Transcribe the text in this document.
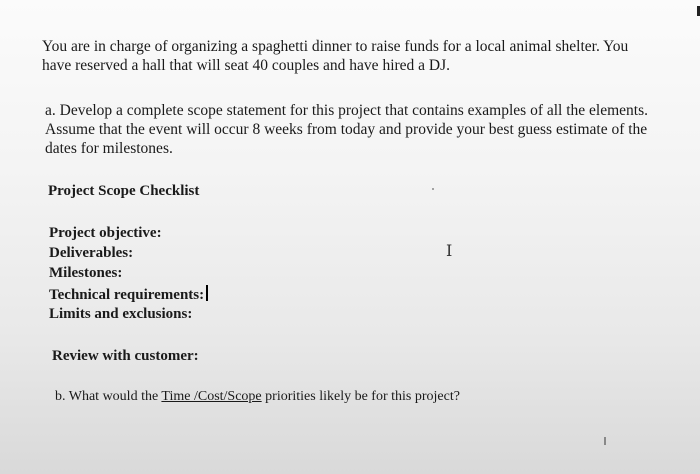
You are in charge of organizing a spaghetti dinner to raise funds for a local animal shelter. You
have reserved a hall that will seat 40 couples and have hired a DJ.
a. Develop a complete scope statement for this project that contains examples of all the elements.
Assume that the event will occur 8 weeks from today and provide your best guess estimate of the
dates for milestones.
Project Scope Checklist
Project objective:
Deliverables:
Milestones:
Technical requirements:
Limits and exclusions:
I
Review with customer:
b. What would the Time /Cost/Scope priorities likely be for this project?
